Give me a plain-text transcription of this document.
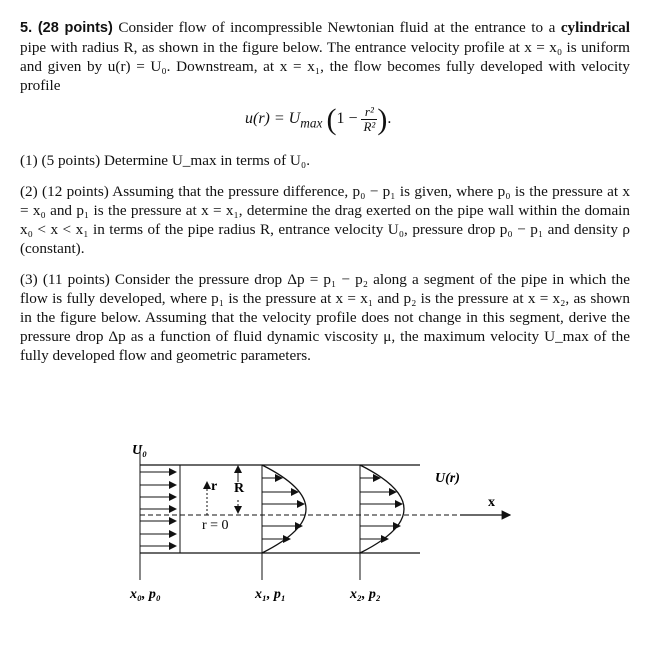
5. (28 points) Consider flow of incompressible Newtonian fluid at the entrance to a cylindrical pipe with radius R, as shown in the figure below. The entrance velocity profile at x = x₀ is uniform and given by u(r) = U₀. Downstream, at x = x₁, the flow becomes fully developed with velocity profile

$u(r) = U_{max}$ ($1 - \frac{\text{r²}}{\text{R²}}$ ).

(1) (5 points) Determine U_max in terms of U₀.

(2) (12 points) Assuming that the pressure difference, p₀ − p₁ is given, where p₀ is the pressure at x = x₀ and p₁ is the pressure at x = x₁, determine the drag exerted on the pipe wall within the domain x₀ < x < x₁ in terms of the pipe radius R, entrance velocity U₀, pressure drop p₀ − p₁ and density ρ (constant).

(3) (11 points) Consider the pressure drop Δp = p₁ − p₂ along a segment of the pipe in which the flow is fully developed, where p₁ is the pressure at x = x₁ and p₂ is the pressure at x = x₂, as shown in the figure below. Assuming that the velocity profile does not change in this segment, derive the pressure drop Δp as a function of fluid dynamic viscosity μ, the maximum velocity U_max of the fully developed flow and geometric parameters.

U₀
U(r)
x
r R
r = 0
x₀, p₀	x₁, p₁	x₂, p₂
